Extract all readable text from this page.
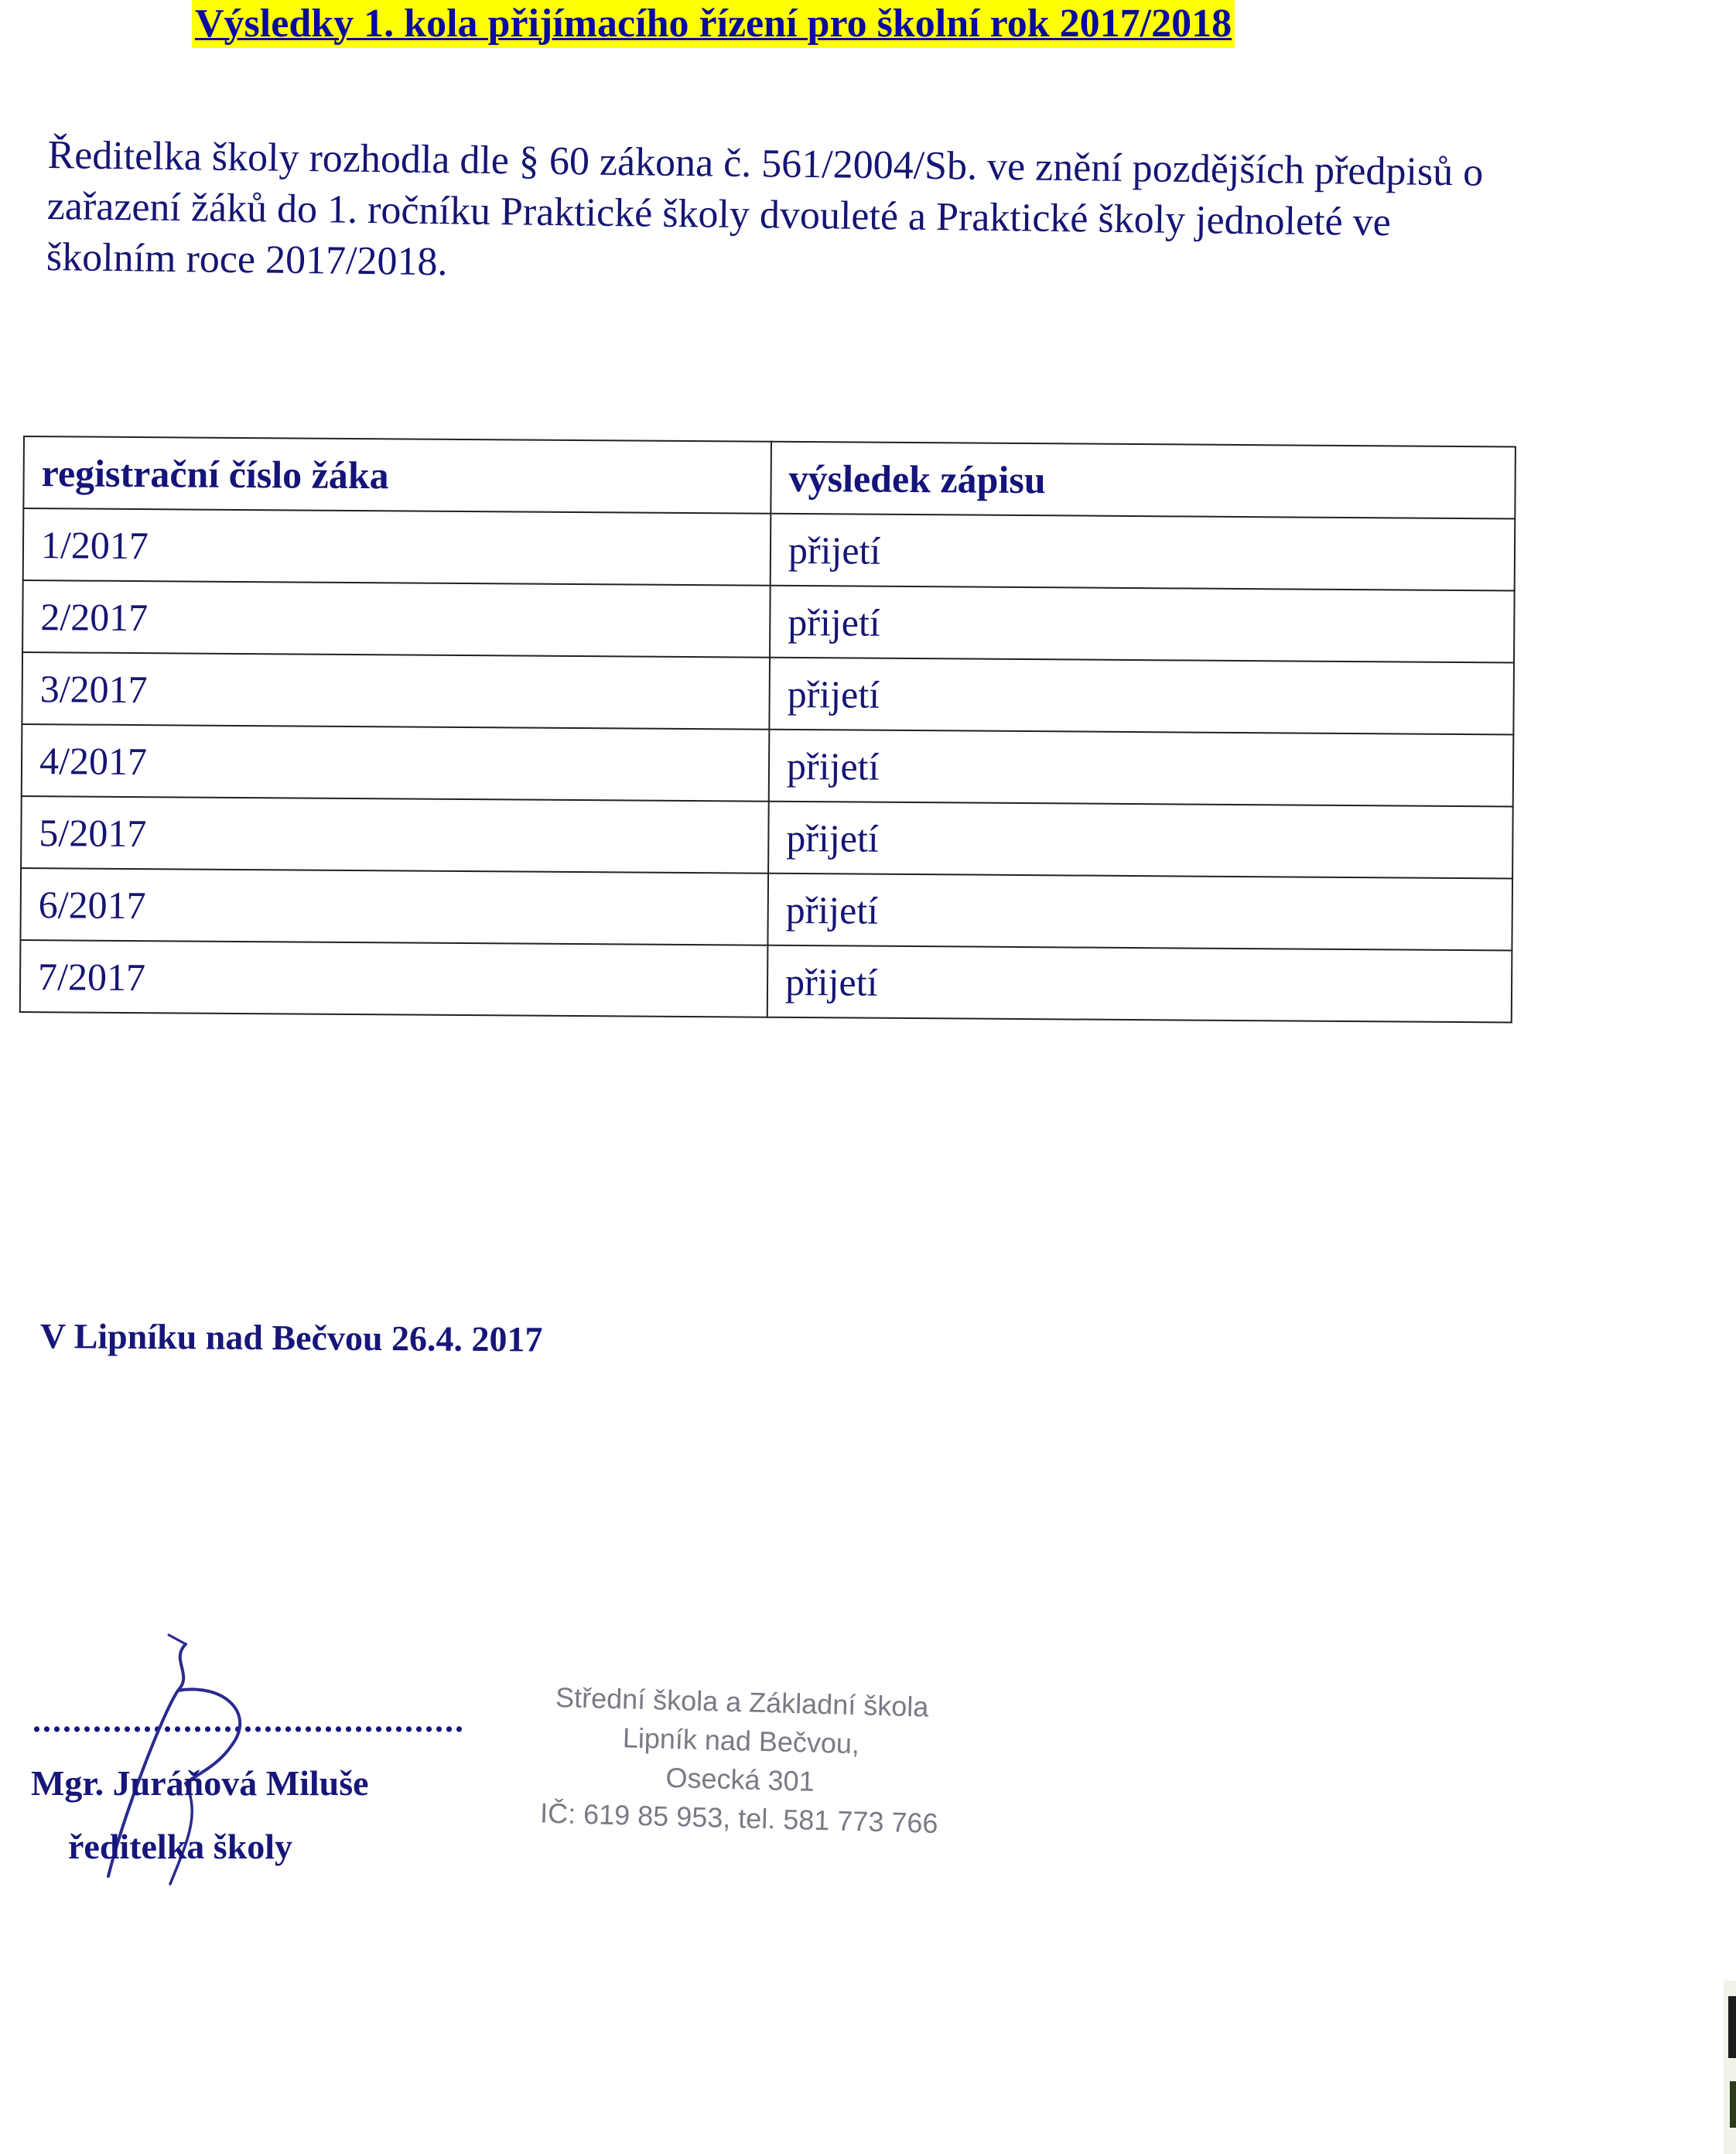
Výsledky 1. kola přijímacího řízení pro školní rok 2017/2018
Ředitelka školy rozhodla dle § 60 zákona č. 561/2004/Sb. ve znění pozdějších předpisů o zařazení žáků do 1. ročníku Praktické školy dvouleté a Praktické školy jednoleté ve školním roce 2017/2018.
registrační číslo žáka	výsledek zápisu
1/2017	přijetí
2/2017	přijetí
3/2017	přijetí
4/2017	přijetí
5/2017	přijetí
6/2017	přijetí
7/2017	přijetí
V Lipníku nad Bečvou 26.4. 2017
...........................................
Mgr. Juráňová Miluše
ředitelka školy
Střední škola a Základní škola
Lipník nad Bečvou,
Osecká 301
IČ: 619 85 953, tel. 581 773 766
